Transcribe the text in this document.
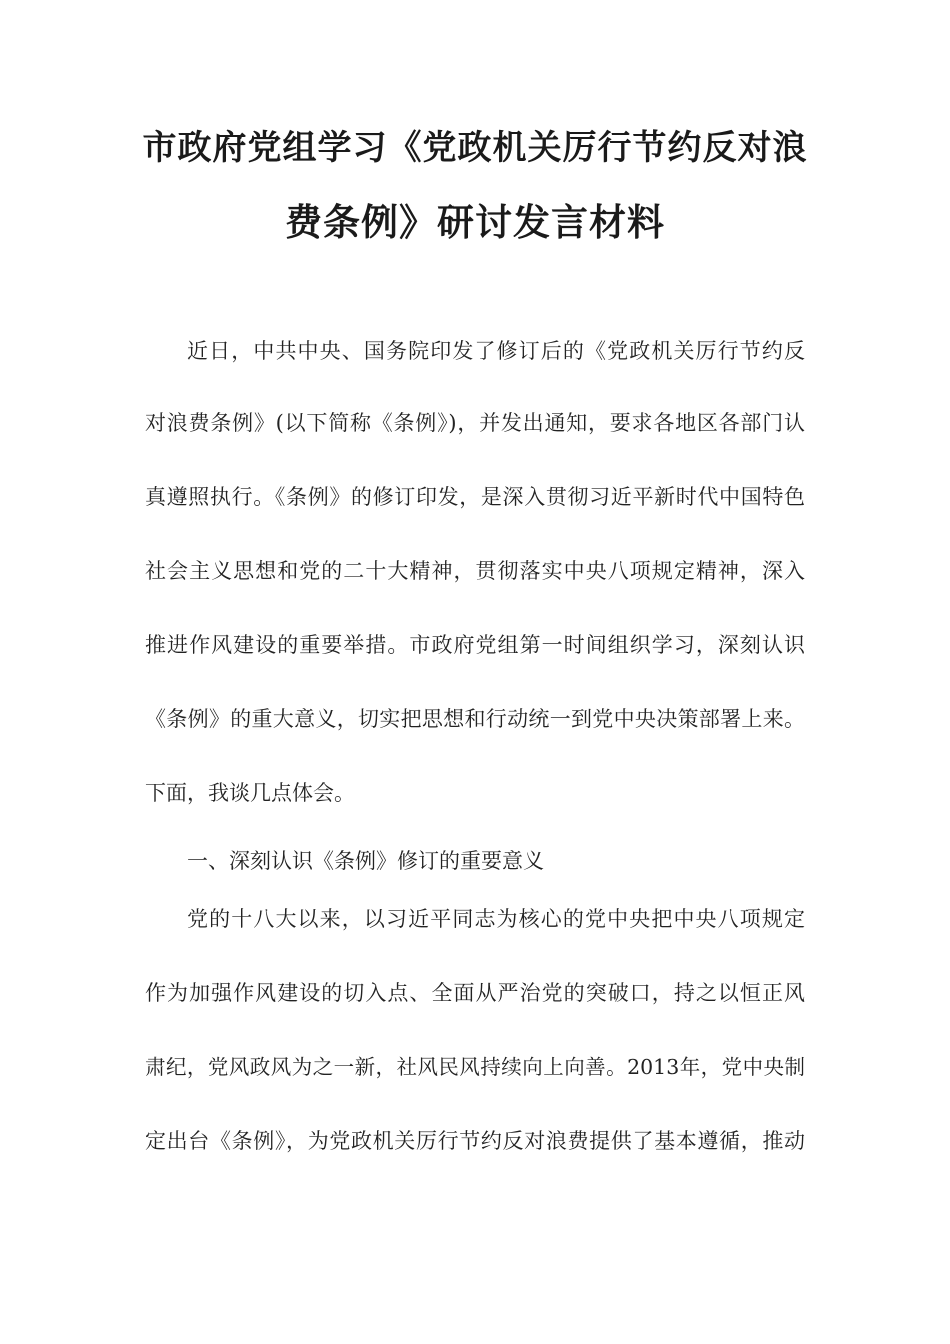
市政府党组学习《党政机关厉行节约反对浪
费条例》研讨发言材料

近日，中共中央、国务院印发了修订后的《党政机关厉行节约反

对浪费条例》(以下简称《条例》)，并发出通知，要求各地区各部门认

真遵照执行。《条例》的修订印发，是深入贯彻习近平新时代中国特色

社会主义思想和党的二十大精神，贯彻落实中央八项规定精神，深入

推进作风建设的重要举措。市政府党组第一时间组织学习，深刻认识

《条例》的重大意义，切实把思想和行动统一到党中央决策部署上来。

下面，我谈几点体会。

一、深刻认识《条例》修订的重要意义

党的十八大以来，以习近平同志为核心的党中央把中央八项规定

作为加强作风建设的切入点、全面从严治党的突破口，持之以恒正风

肃纪，党风政风为之一新，社风民风持续向上向善。2013年，党中央制

定出台《条例》，为党政机关厉行节约反对浪费提供了基本遵循，推动
